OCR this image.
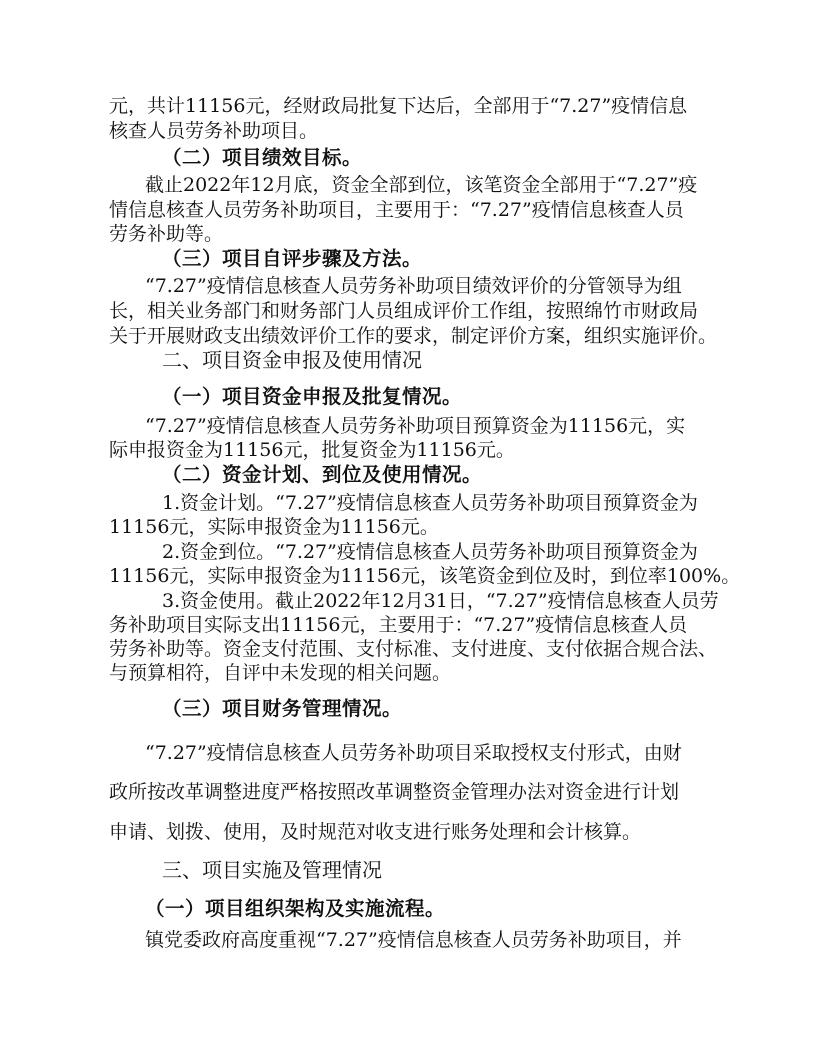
元，共计11156元，经财政局批复下达后，全部用于“7.27”疫情信息
核查人员劳务补助项目。
（二）项目绩效目标。
截止2022年12月底，资金全部到位，该笔资金全部用于“7.27”疫
情信息核查人员劳务补助项目，主要用于：“7.27”疫情信息核查人员
劳务补助等。
（三）项目自评步骤及方法。
“7.27”疫情信息核查人员劳务补助项目绩效评价的分管领导为组
长，相关业务部门和财务部门人员组成评价工作组，按照绵竹市财政局
关于开展财政支出绩效评价工作的要求，制定评价方案，组织实施评价。
二、项目资金申报及使用情况
（一）项目资金申报及批复情况。
“7.27”疫情信息核查人员劳务补助项目预算资金为11156元，实
际申报资金为11156元，批复资金为11156元。
（二）资金计划、到位及使用情况。
1.资金计划。“7.27”疫情信息核查人员劳务补助项目预算资金为
11156元，实际申报资金为11156元。
2.资金到位。“7.27”疫情信息核查人员劳务补助项目预算资金为
11156元，实际申报资金为11156元，该笔资金到位及时，到位率100%。
3.资金使用。截止2022年12月31日，“7.27”疫情信息核查人员劳
务补助项目实际支出11156元，主要用于：“7.27”疫情信息核查人员
劳务补助等。资金支付范围、支付标准、支付进度、支付依据合规合法、
与预算相符，自评中未发现的相关问题。
（三）项目财务管理情况。
“7.27”疫情信息核查人员劳务补助项目采取授权支付形式，由财
政所按改革调整进度严格按照改革调整资金管理办法对资金进行计划
申请、划拨、使用，及时规范对收支进行账务处理和会计核算。
三、项目实施及管理情况
（一）项目组织架构及实施流程。
镇党委政府高度重视“7.27”疫情信息核查人员劳务补助项目，并
